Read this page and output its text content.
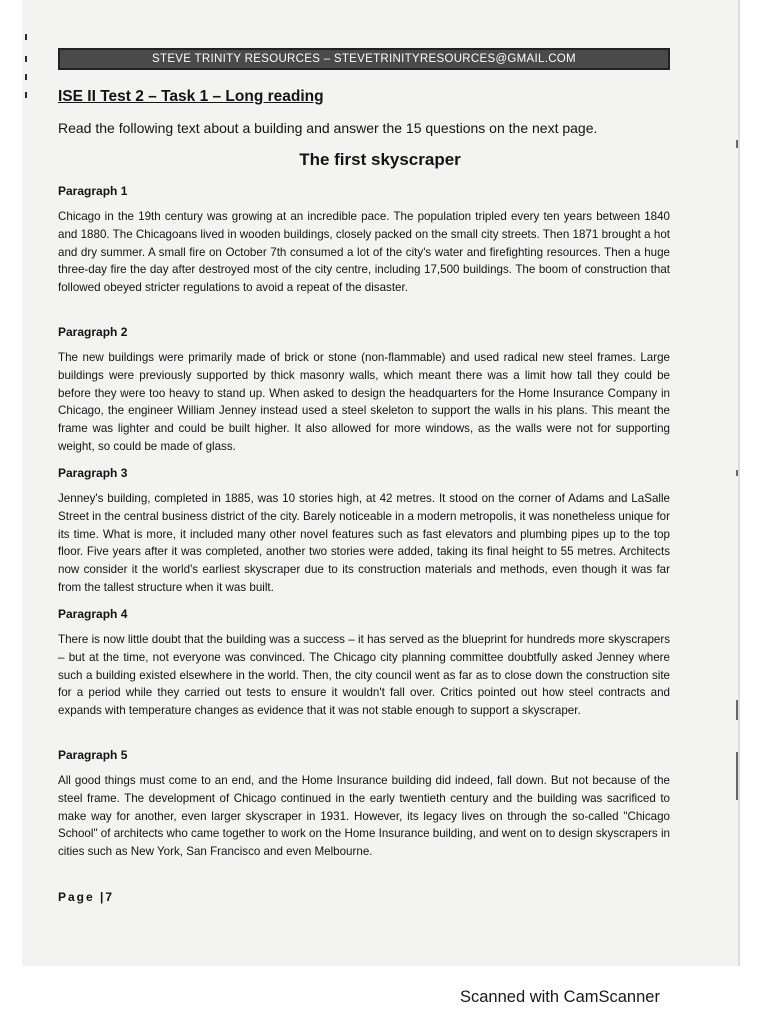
STEVE TRINITY RESOURCES – STEVETRINITYRESOURCES@GMAIL.COM
ISE II Test 2 – Task 1 – Long reading
Read the following text about a building and answer the 15 questions on the next page.
The first skyscraper
Paragraph 1
Chicago in the 19th century was growing at an incredible pace. The population tripled every ten years between 1840 and 1880. The Chicagoans lived in wooden buildings, closely packed on the small city streets. Then 1871 brought a hot and dry summer. A small fire on October 7th consumed a lot of the city's water and firefighting resources. Then a huge three-day fire the day after destroyed most of the city centre, including 17,500 buildings. The boom of construction that followed obeyed stricter regulations to avoid a repeat of the disaster.
Paragraph 2
The new buildings were primarily made of brick or stone (non-flammable) and used radical new steel frames. Large buildings were previously supported by thick masonry walls, which meant there was a limit how tall they could be before they were too heavy to stand up. When asked to design the headquarters for the Home Insurance Company in Chicago, the engineer William Jenney instead used a steel skeleton to support the walls in his plans. This meant the frame was lighter and could be built higher. It also allowed for more windows, as the walls were not for supporting weight, so could be made of glass.
Paragraph 3
Jenney's building, completed in 1885, was 10 stories high, at 42 metres. It stood on the corner of Adams and LaSalle Street in the central business district of the city. Barely noticeable in a modern metropolis, it was nonetheless unique for its time. What is more, it included many other novel features such as fast elevators and plumbing pipes up to the top floor. Five years after it was completed, another two stories were added, taking its final height to 55 metres. Architects now consider it the world's earliest skyscraper due to its construction materials and methods, even though it was far from the tallest structure when it was built.
Paragraph 4
There is now little doubt that the building was a success – it has served as the blueprint for hundreds more skyscrapers – but at the time, not everyone was convinced. The Chicago city planning committee doubtfully asked Jenney where such a building existed elsewhere in the world. Then, the city council went as far as to close down the construction site for a period while they carried out tests to ensure it wouldn't fall over. Critics pointed out how steel contracts and expands with temperature changes as evidence that it was not stable enough to support a skyscraper.
Paragraph 5
All good things must come to an end, and the Home Insurance building did indeed, fall down. But not because of the steel frame. The development of Chicago continued in the early twentieth century and the building was sacrificed to make way for another, even larger skyscraper in 1931. However, its legacy lives on through the so-called "Chicago School" of architects who came together to work on the Home Insurance building, and went on to design skyscrapers in cities such as New York, San Francisco and even Melbourne.
Page |7
Scanned with CamScanner
